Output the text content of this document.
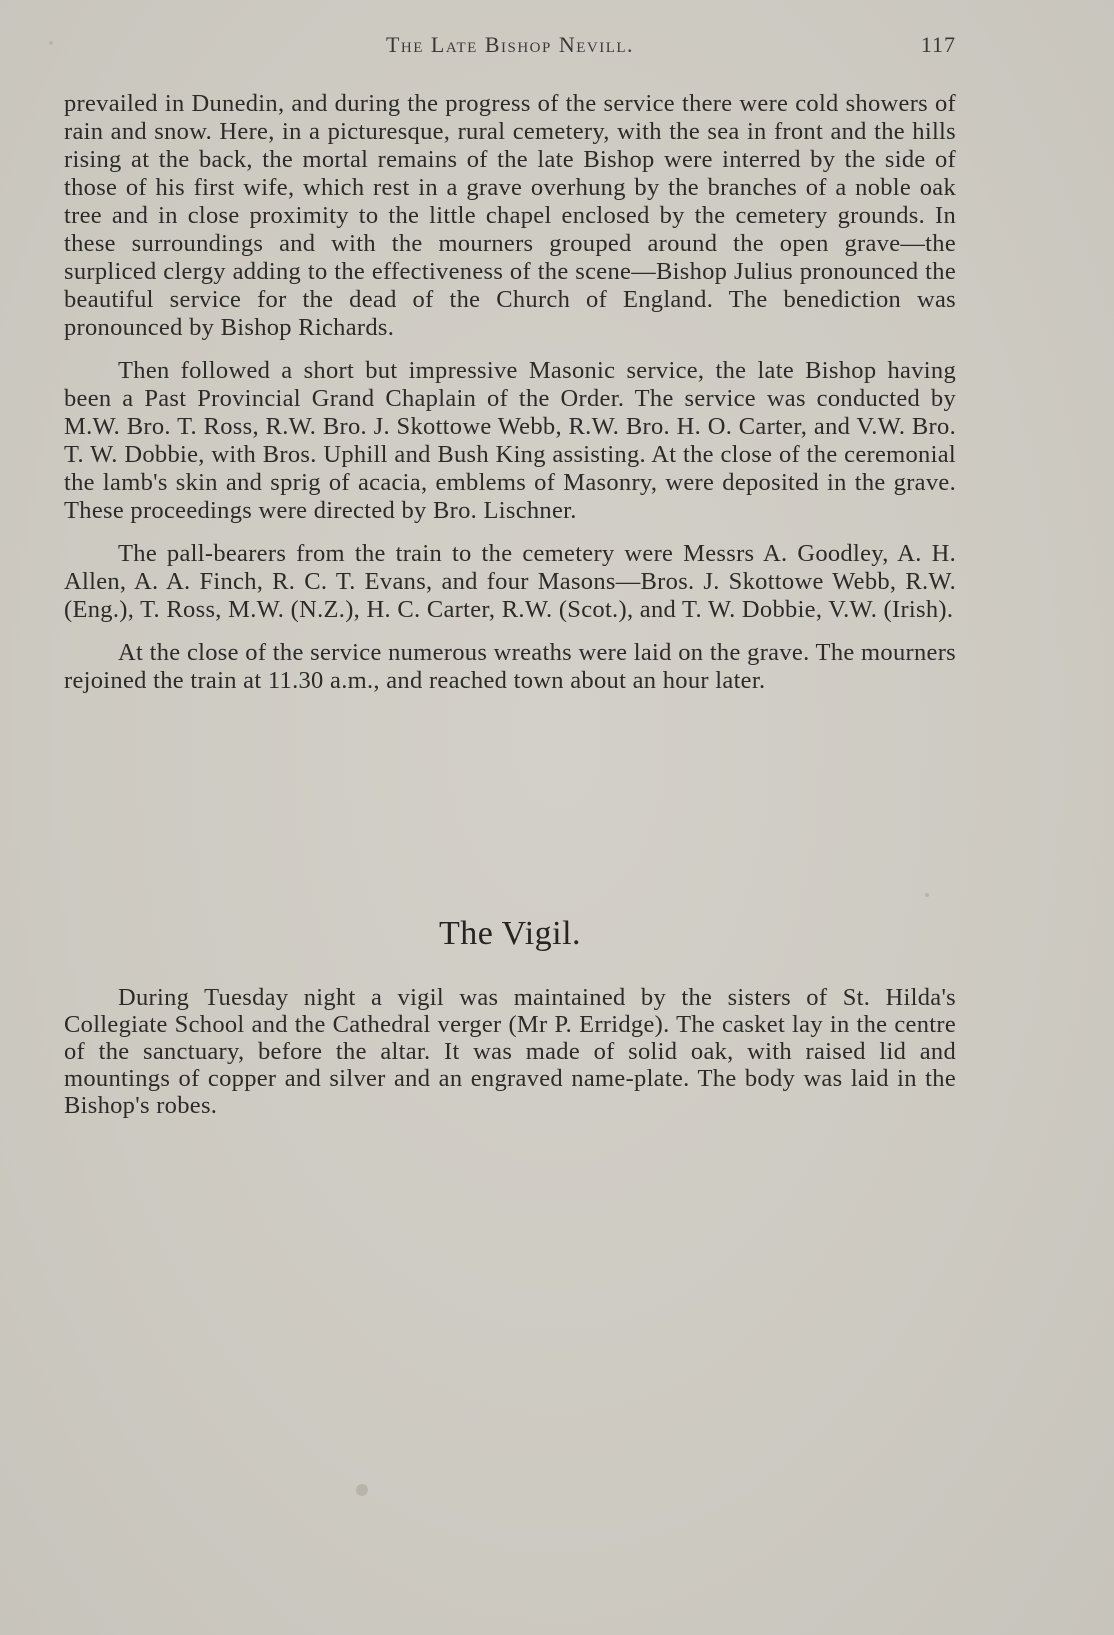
The Late Bishop Nevill.	117

prevailed in Dunedin, and during the progress of the service there were cold showers of rain and snow. Here, in a picturesque, rural cemetery, with the sea in front and the hills rising at the back, the mortal remains of the late Bishop were interred by the side of those of his first wife, which rest in a grave overhung by the branches of a noble oak tree and in close proximity to the little chapel enclosed by the cemetery grounds. In these surroundings and with the mourners grouped around the open grave—the surpliced clergy adding to the effectiveness of the scene—Bishop Julius pronounced the beautiful service for the dead of the Church of England. The benediction was pronounced by Bishop Richards.

Then followed a short but impressive Masonic service, the late Bishop having been a Past Provincial Grand Chaplain of the Order. The service was conducted by M.W. Bro. T. Ross, R.W. Bro. J. Skottowe Webb, R.W. Bro. H. O. Carter, and V.W. Bro. T. W. Dobbie, with Bros. Uphill and Bush King assisting. At the close of the ceremonial the lamb's skin and sprig of acacia, emblems of Masonry, were deposited in the grave. These proceedings were directed by Bro. Lischner.

The pall-bearers from the train to the cemetery were Messrs A. Goodley, A. H. Allen, A. A. Finch, R. C. T. Evans, and four Masons—Bros. J. Skottowe Webb, R.W. (Eng.), T. Ross, M.W. (N.Z.), H. C. Carter, R.W. (Scot.), and T. W. Dobbie, V.W. (Irish).

At the close of the service numerous wreaths were laid on the grave. The mourners rejoined the train at 11.30 a.m., and reached town about an hour later.

The Vigil.

During Tuesday night a vigil was maintained by the sisters of St. Hilda's Collegiate School and the Cathedral verger (Mr P. Erridge). The casket lay in the centre of the sanctuary, before the altar. It was made of solid oak, with raised lid and mountings of copper and silver and an engraved name-plate. The body was laid in the Bishop's robes.
